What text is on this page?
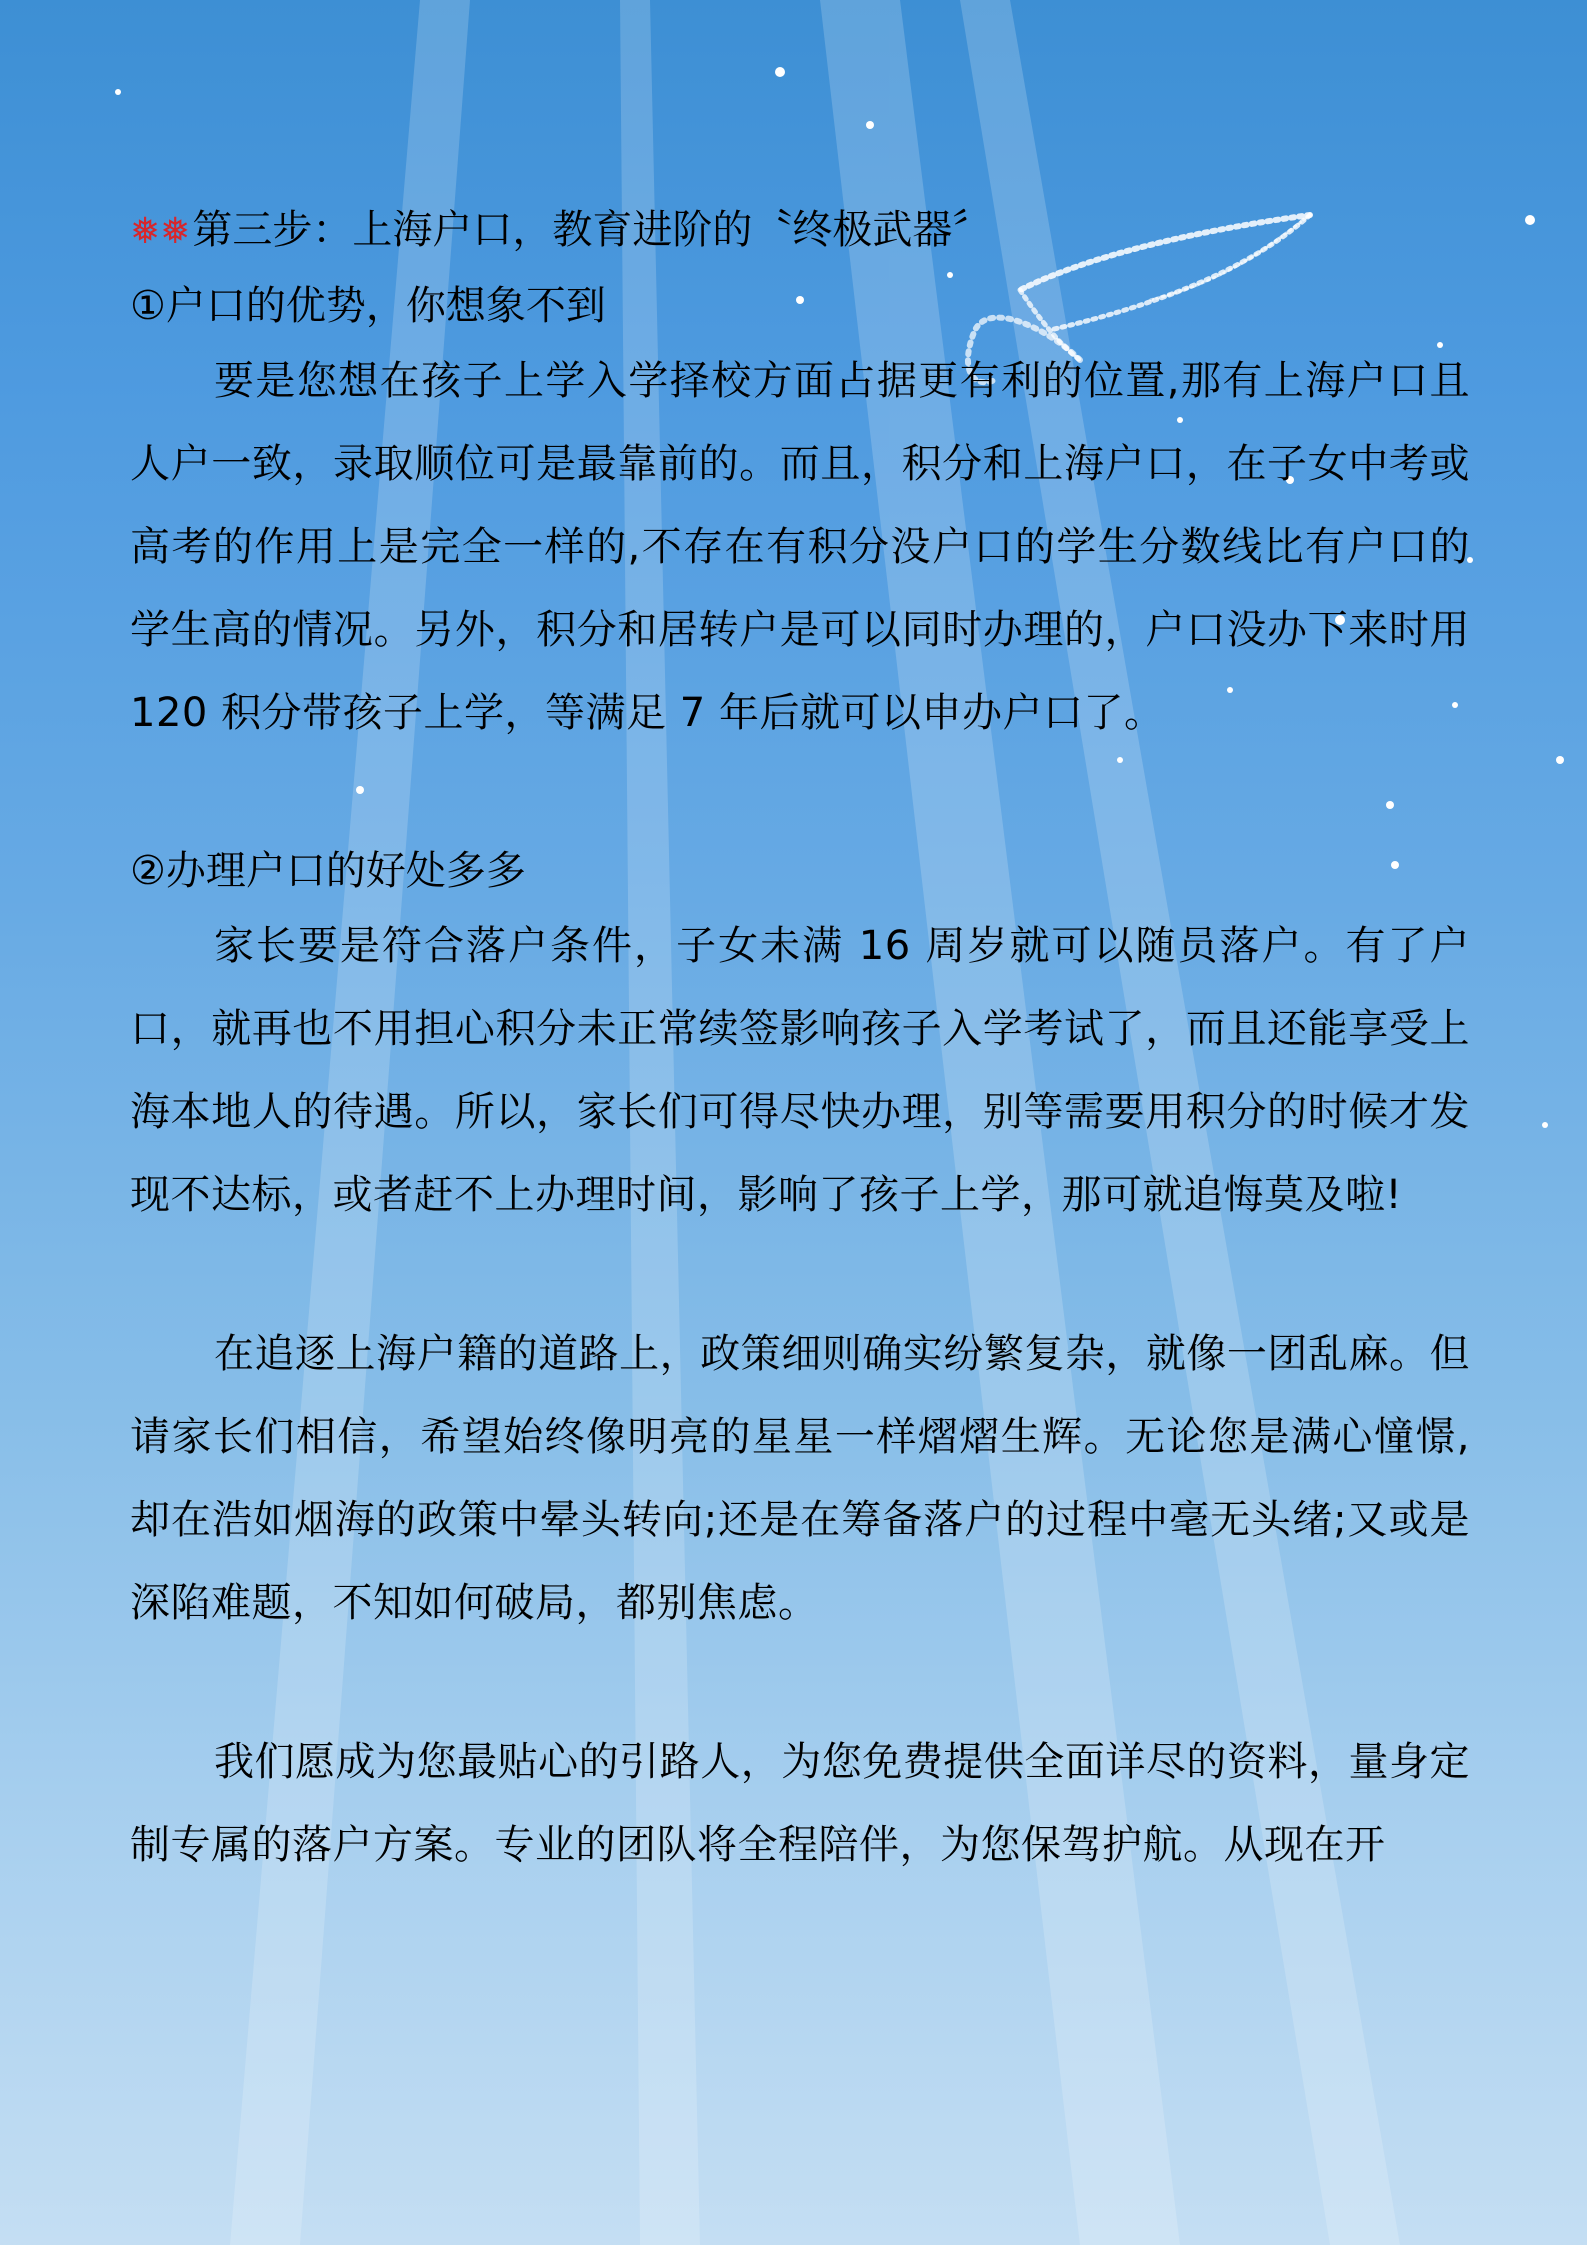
❅❅第三步：上海户口，教育进阶的〝终极武器〞

①户口的优势，你想象不到

要是您想在孩子上学入学择校方面占据更有利的位置,那有上海户口且人户一致，录取顺位可是最靠前的。而且，积分和上海户口，在子女中考或高考的作用上是完全一样的,不存在有积分没户口的学生分数线比有户口的学生高的情况。另外，积分和居转户是可以同时办理的，户口没办下来时用 120 积分带孩子上学，等满足 7 年后就可以申办户口了。

②办理户口的好处多多

家长要是符合落户条件，子女未满 16 周岁就可以随员落户。有了户口，就再也不用担心积分未正常续签影响孩子入学考试了，而且还能享受上海本地人的待遇。所以，家长们可得尽快办理，别等需要用积分的时候才发现不达标，或者赶不上办理时间，影响了孩子上学，那可就追悔莫及啦!

在追逐上海户籍的道路上，政策细则确实纷繁复杂，就像一团乱麻。但请家长们相信，希望始终像明亮的星星一样熠熠生辉。无论您是满心憧憬,却在浩如烟海的政策中晕头转向;还是在筹备落户的过程中毫无头绪;又或是深陷难题，不知如何破局，都别焦虑。

我们愿成为您最贴心的引路人，为您免费提供全面详尽的资料，量身定制专属的落户方案。专业的团队将全程陪伴，为您保驾护航。从现在开
